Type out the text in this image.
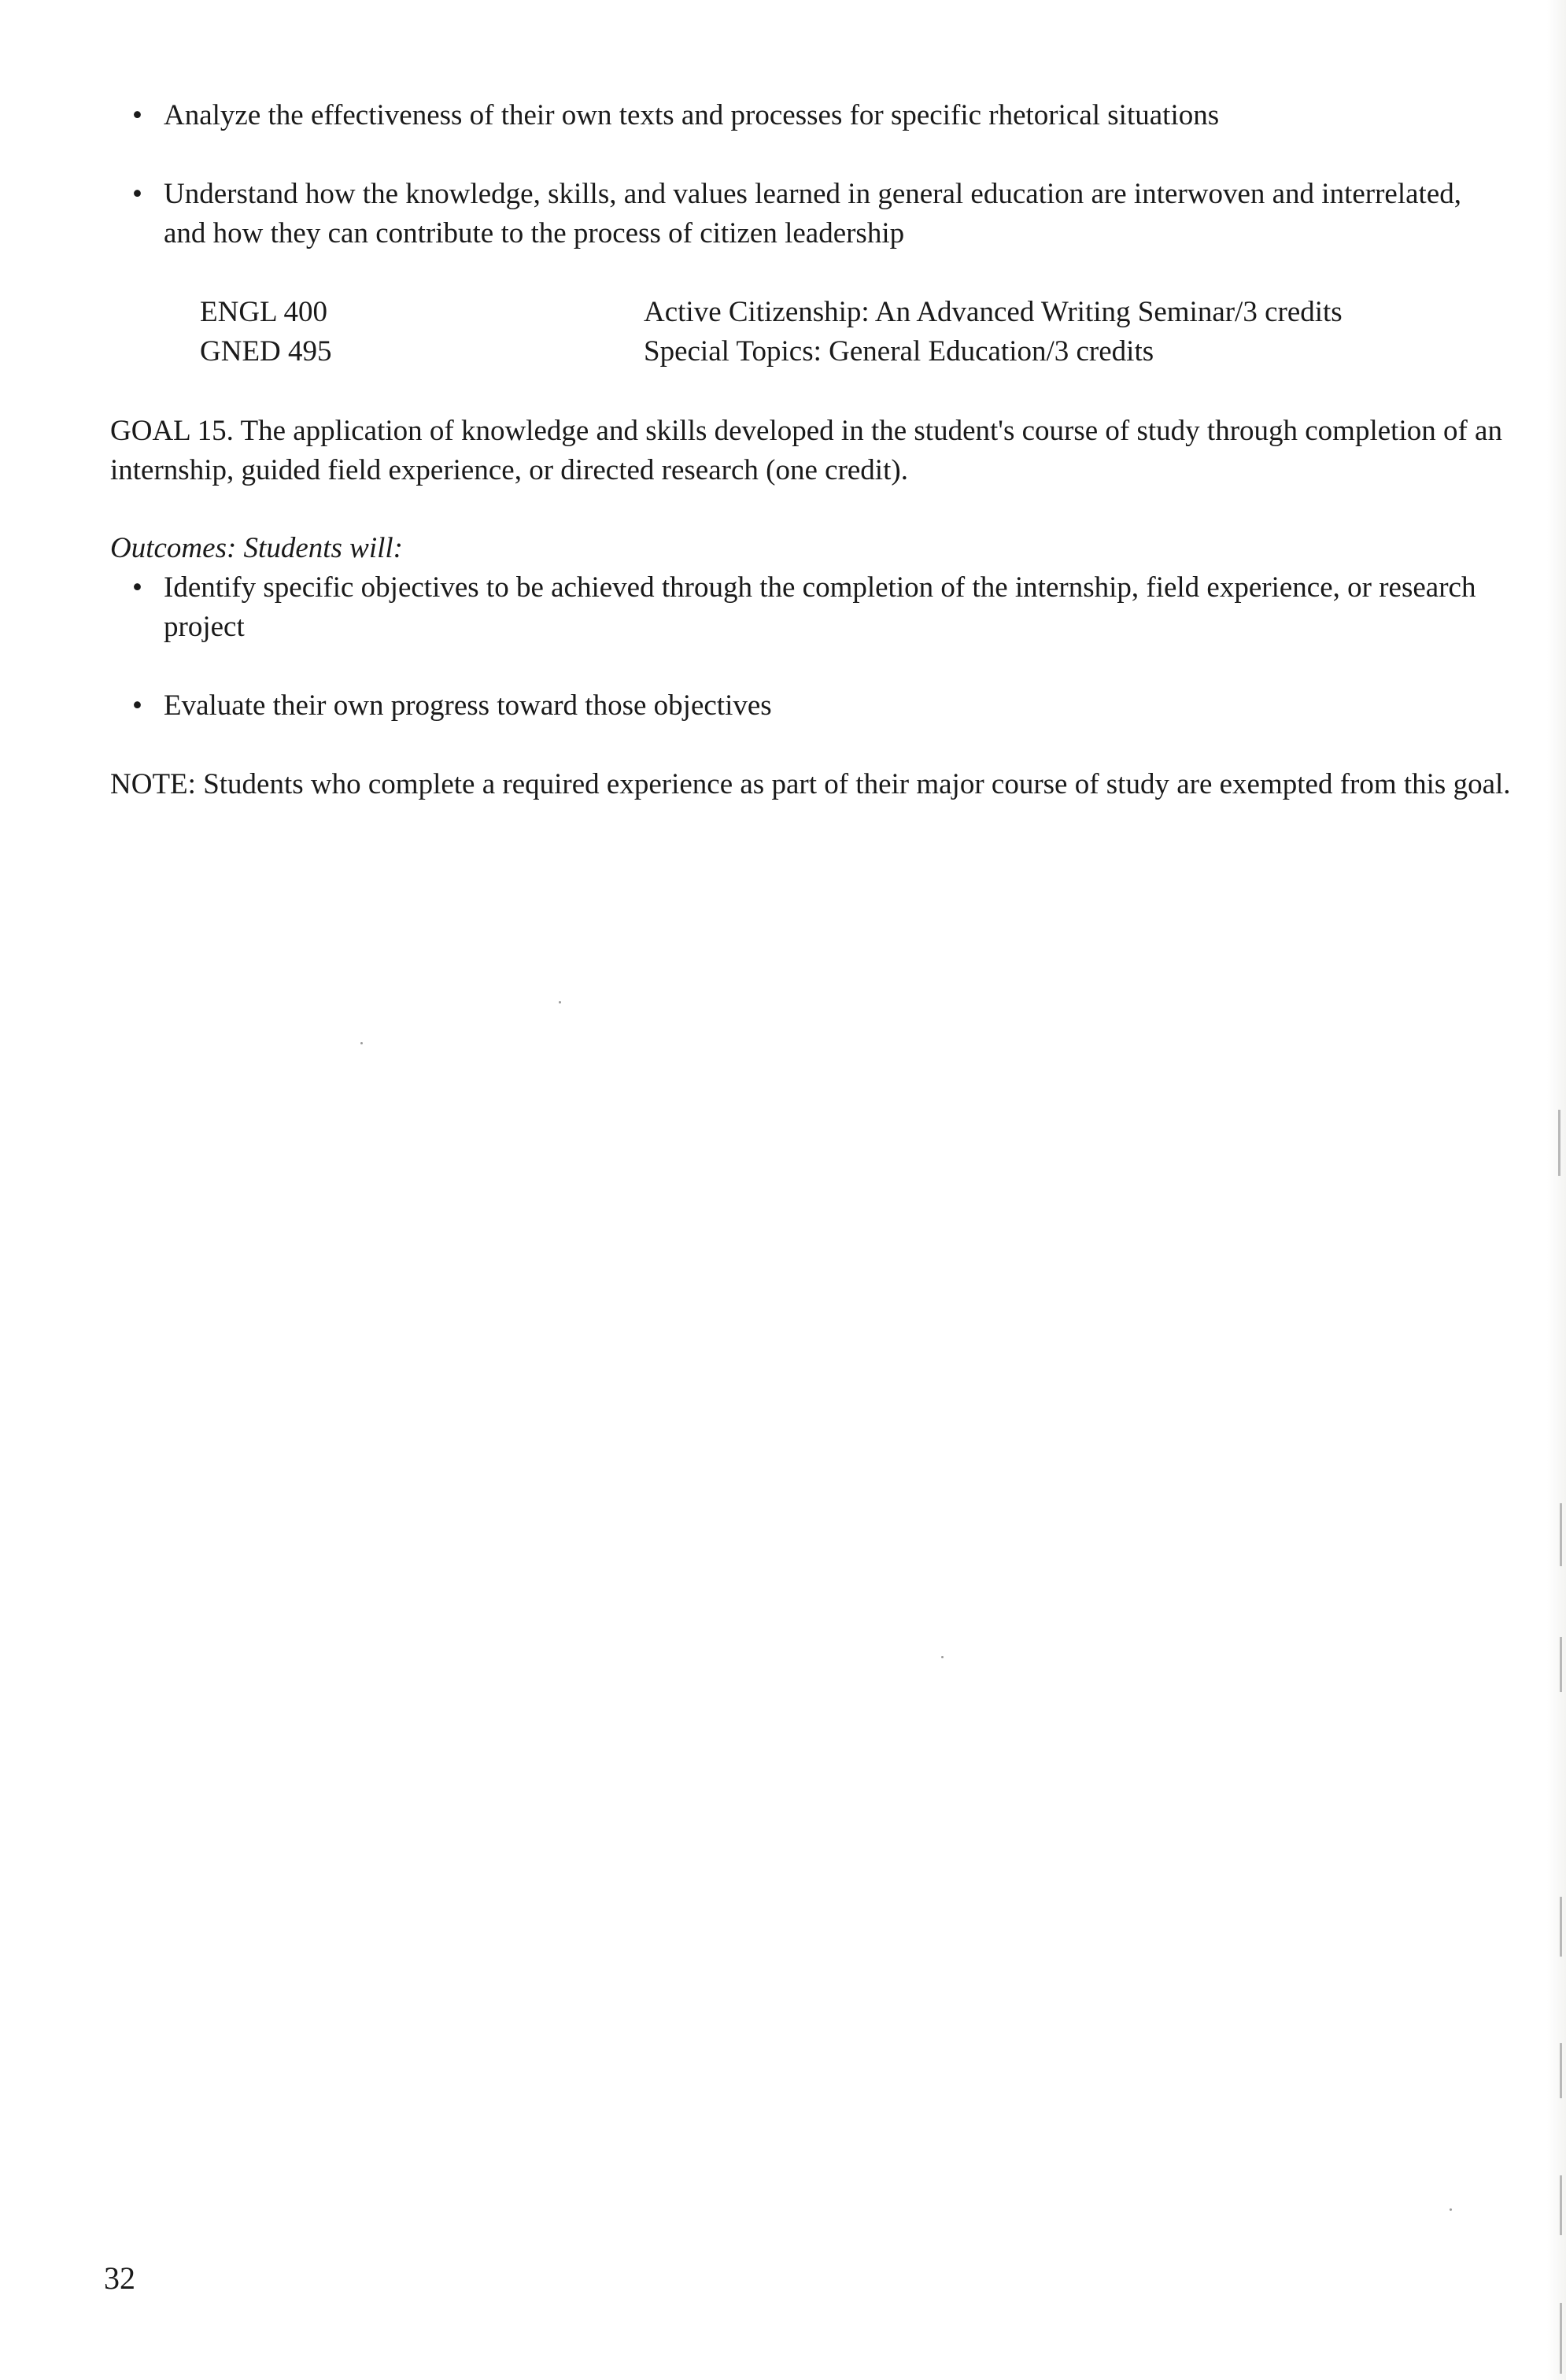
• Analyze the effectiveness of their own texts and processes for specific rhetorical situations
• Understand how the knowledge, skills, and values learned in general education are interwoven and interrelated, and how they can contribute to the process of citizen leadership
ENGL 400	Active Citizenship: An Advanced Writing Seminar/3 credits
GNED 495	Special Topics: General Education/3 credits
GOAL 15. The application of knowledge and skills developed in the student's course of study through completion of an internship, guided field experience, or directed research (one credit).
Outcomes: Students will:
• Identify specific objectives to be achieved through the completion of the internship, field experience, or research project
• Evaluate their own progress toward those objectives
NOTE: Students who complete a required experience as part of their major course of study are exempted from this goal.
32
